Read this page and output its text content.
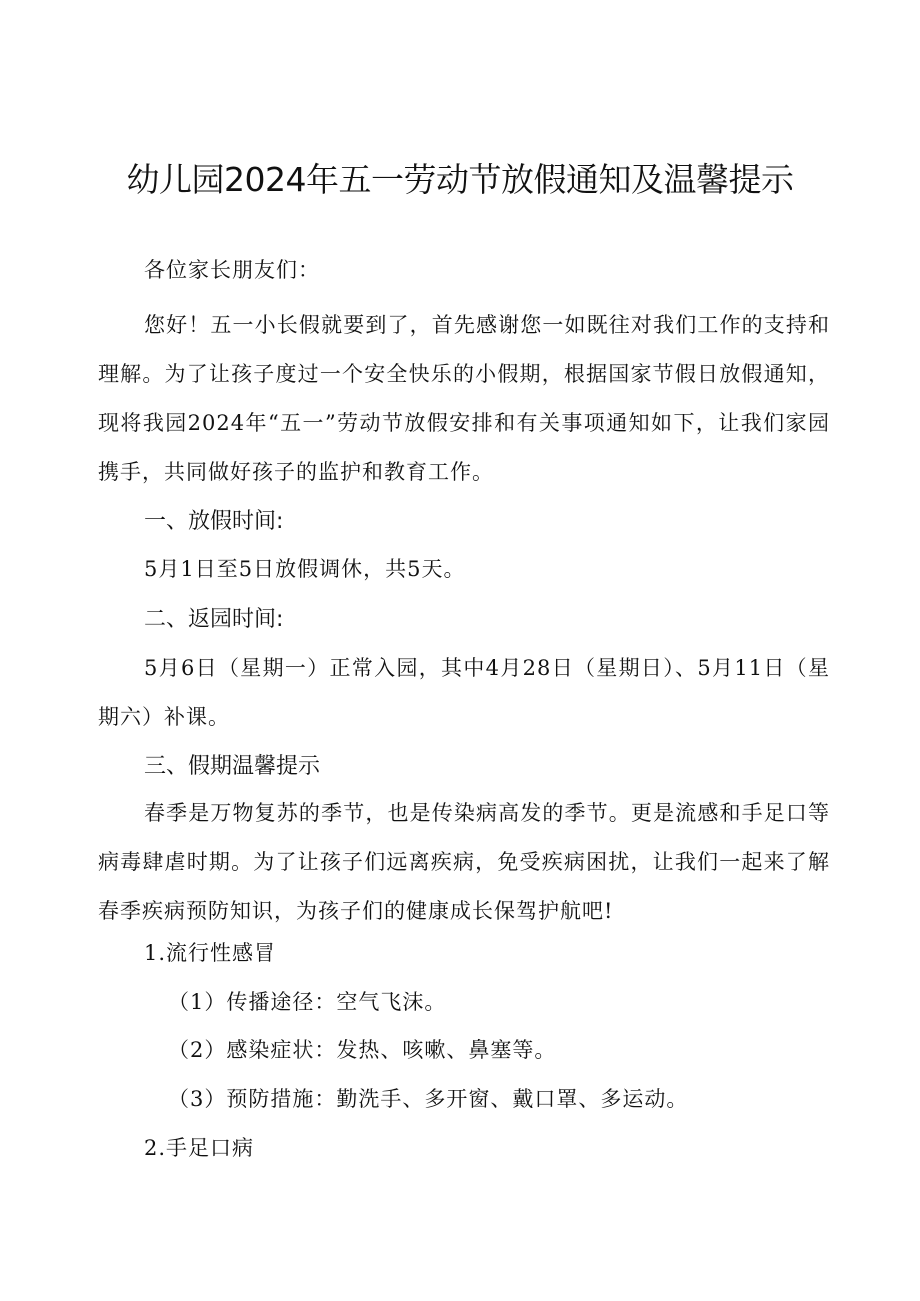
幼儿园2024年五一劳动节放假通知及温馨提示
各位家长朋友们：
您好！五一小长假就要到了，首先感谢您一如既往对我们工作的支持和理解。为了让孩子度过一个安全快乐的小假期，根据国家节假日放假通知，现将我园2024年“五一”劳动节放假安排和有关事项通知如下，让我们家园携手，共同做好孩子的监护和教育工作。
一、放假时间:
5月1日至5日放假调休，共5天。
二、返园时间:
5月6日（星期一）正常入园，其中4月28日（星期日）、5月11日（星期六）补课。
三、假期温馨提示
春季是万物复苏的季节，也是传染病高发的季节。更是流感和手足口等病毒肆虐时期。为了让孩子们远离疾病，免受疾病困扰，让我们一起来了解春季疾病预防知识，为孩子们的健康成长保驾护航吧!
1.流行性感冒
（1）传播途径：空气飞沫。
（2）感染症状：发热、咳嗽、鼻塞等。
（3）预防措施：勤洗手、多开窗、戴口罩、多运动。
2.手足口病
